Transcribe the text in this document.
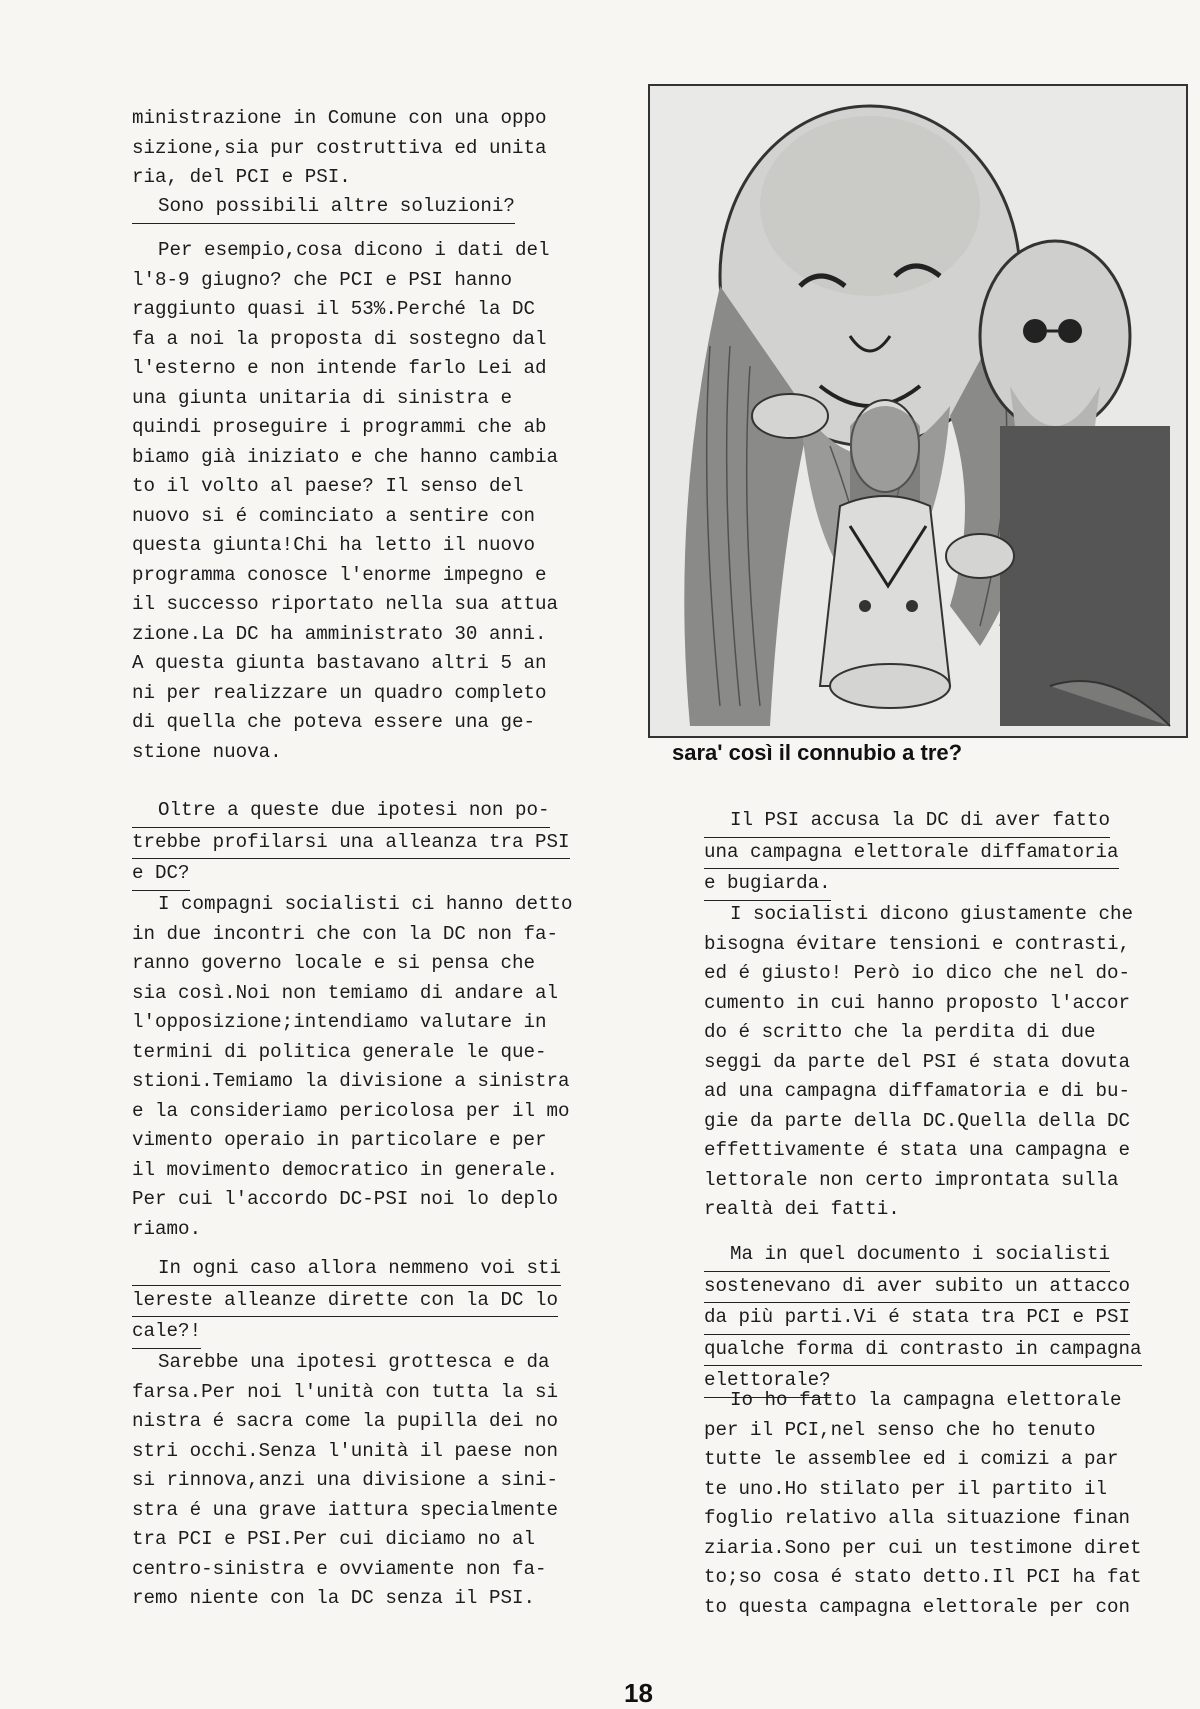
ministrazione in Comune con una oppo
sizione,sia pur costruttiva ed unita
ria, del PCI e PSI.
Sono possibili altre soluzioni?
Per esempio,cosa dicono i dati del
l'8-9 giugno? che PCI e PSI hanno
raggiunto quasi il 53%.Perché la DC
fa a noi la proposta di sostegno dal
l'esterno e non intende farlo Lei ad
una giunta unitaria di sinistra e
quindi proseguire i programmi che ab
biamo già iniziato e che hanno cambia
to il volto al paese? Il senso del
nuovo si é cominciato a sentire con
questa giunta!Chi ha letto il nuovo
programma conosce l'enorme impegno e
il successo riportato nella sua attua
zione.La DC ha amministrato 30 anni.
A questa giunta bastavano altri 5 an
ni per realizzare un quadro completo
di quella che poteva essere una ge-
stione nuova.
Oltre a queste due ipotesi non po-
trebbe profilarsi una alleanza tra PSI
e DC?
I compagni socialisti ci hanno detto
in due incontri che con la DC non fa-
ranno governo locale e si pensa che
sia così.Noi non temiamo di andare al
l'opposizione;intendiamo valutare in
termini di politica generale le que-
stioni.Temiamo la divisione a sinistra
e la consideriamo pericolosa per il mo
vimento operaio in particolare e per
il movimento democratico in generale.
Per cui l'accordo DC-PSI noi lo deplo
riamo.
In ogni caso allora nemmeno voi sti
lereste alleanze dirette con la DC lo
cale?!
Sarebbe una ipotesi grottesca e da
farsa.Per noi l'unità con tutta la si
nistra é sacra come la pupilla dei no
stri occhi.Senza l'unità il paese non
si rinnova,anzi una divisione a sini-
stra é una grave iattura specialmente
tra PCI e PSI.Per cui diciamo no al
centro-sinistra e ovviamente non fa-
remo niente con la DC senza il PSI.
sara' così il connubio a tre?
Il PSI accusa la DC di aver fatto
una campagna elettorale diffamatoria
e bugiarda.
I socialisti dicono giustamente che
bisogna évitare tensioni e contrasti,
ed é giusto! Però io dico che nel do-
cumento in cui hanno proposto l'accor
do é scritto che la perdita di due
seggi da parte del PSI é stata dovuta
ad una campagna diffamatoria e di bu-
gie da parte della DC.Quella della DC
effettivamente é stata una campagna e
lettorale non certo improntata sulla
realtà dei fatti.
Ma in quel documento i socialisti
sostenevano di aver subito un attacco
da più parti.Vi é stata tra PCI e PSI
qualche forma di contrasto in campagna
elettorale?
Io ho fatto la campagna elettorale
per il PCI,nel senso che ho tenuto
tutte le assemblee ed i comizi a par
te uno.Ho stilato per il partito il
foglio relativo alla situazione finan
ziaria.Sono per cui un testimone diret
to;so cosa é stato detto.Il PCI ha fat
to questa campagna elettorale per con
18
